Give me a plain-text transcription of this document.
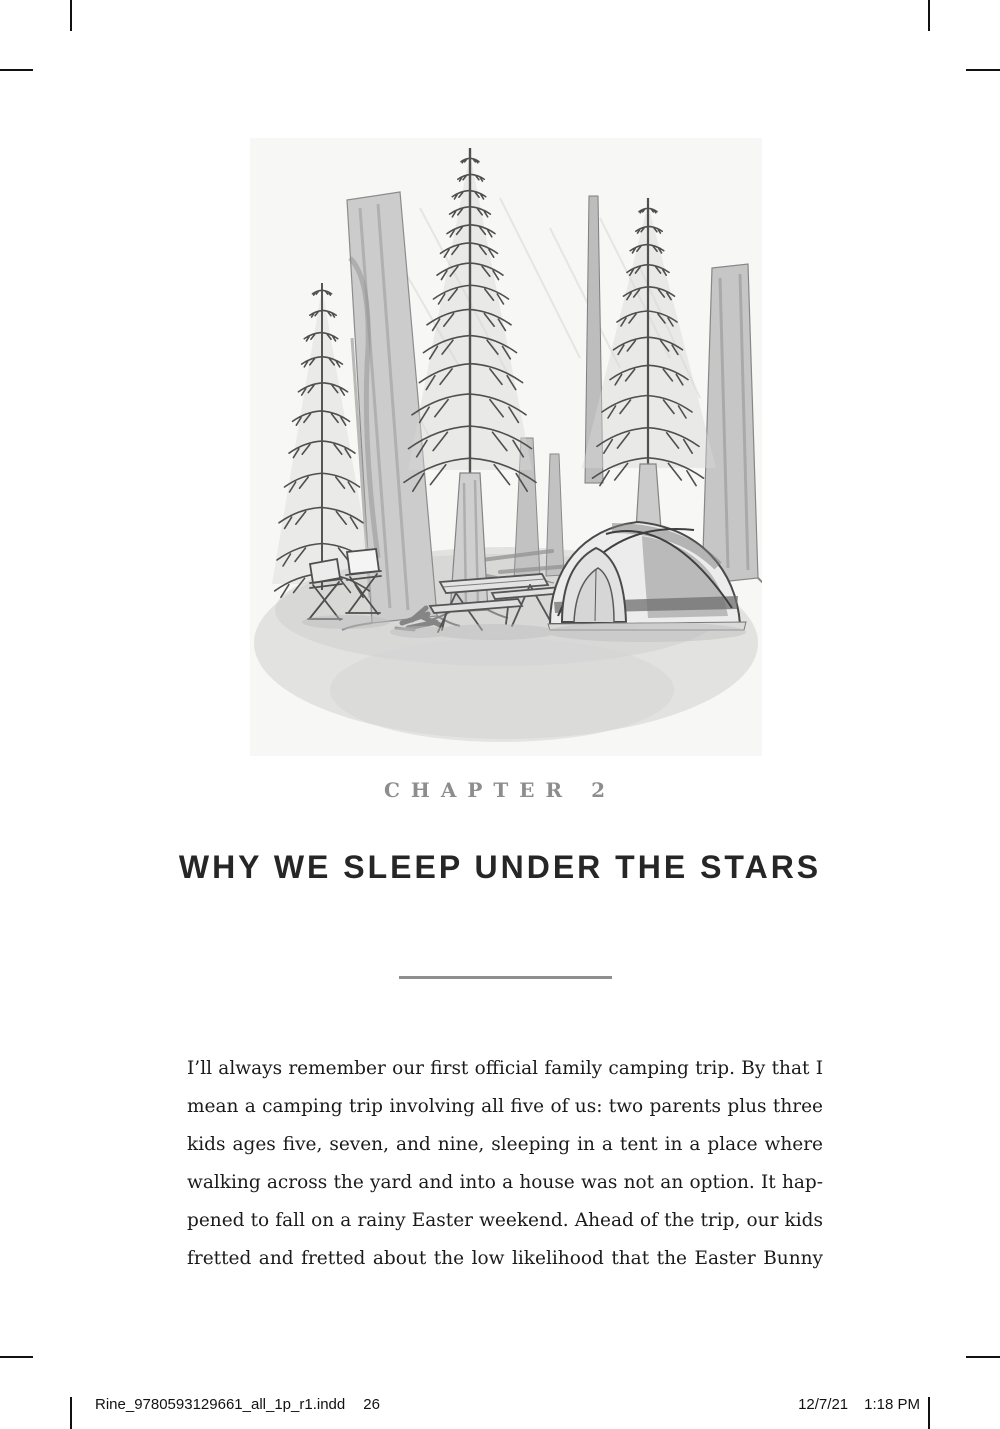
CHAPTER 2
WHY WE SLEEP UNDER THE STARS
I’ll always remember our first official family camping trip. By that I
mean a camping trip involving all five of us: two parents plus three
kids ages five, seven, and nine, sleeping in a tent in a place where
walking across the yard and into a house was not an option. It hap-
pened to fall on a rainy Easter weekend. Ahead of the trip, our kids
fretted and fretted about the low likelihood that the Easter Bunny
Rine_9780593129661_all_1p_r1.indd 26	12/7/21 1:18 PM
